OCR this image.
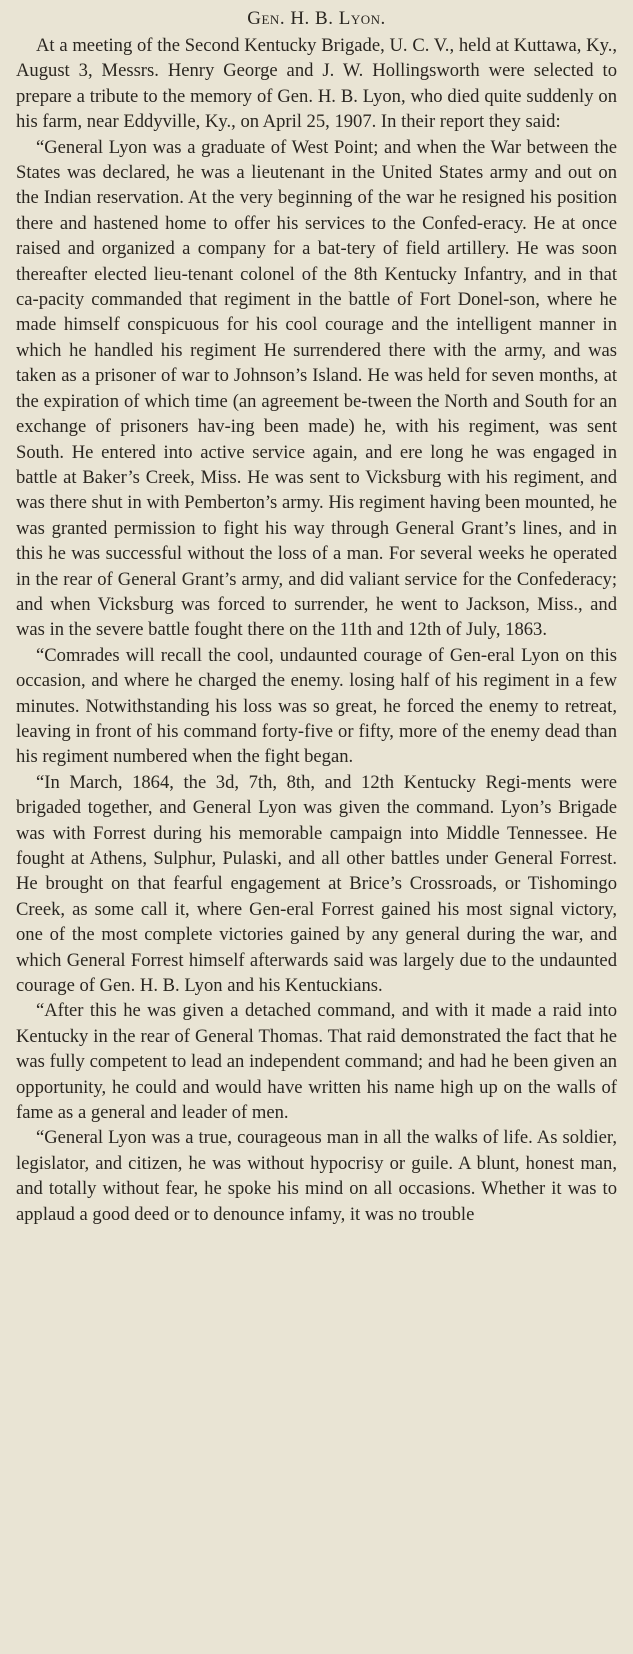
Gen. H. B. Lyon.

At a meeting of the Second Kentucky Brigade, U. C. V., held at Kuttawa, Ky., August 3, Messrs. Henry George and J. W. Hollingsworth were selected to prepare a tribute to the memory of Gen. H. B. Lyon, who died quite suddenly on his farm, near Eddyville, Ky., on April 25, 1907. In their report they said:

“General Lyon was a graduate of West Point; and when the War between the States was declared, he was a lieutenant in the United States army and out on the Indian reservation. At the very beginning of the war he resigned his position there and hastened home to offer his services to the Confed-eracy. He at once raised and organized a company for a bat-tery of field artillery. He was soon thereafter elected lieu-tenant colonel of the 8th Kentucky Infantry, and in that ca-pacity commanded that regiment in the battle of Fort Donel-son, where he made himself conspicuous for his cool courage and the intelligent manner in which he handled his regiment He surrendered there with the army, and was taken as a prisoner of war to Johnson’s Island. He was held for seven months, at the expiration of which time (an agreement be-tween the North and South for an exchange of prisoners hav-ing been made) he, with his regiment, was sent South. He entered into active service again, and ere long he was engaged in battle at Baker’s Creek, Miss. He was sent to Vicksburg with his regiment, and was there shut in with Pemberton’s army. His regiment having been mounted, he was granted permission to fight his way through General Grant’s lines, and in this he was successful without the loss of a man. For several weeks he operated in the rear of General Grant’s army, and did valiant service for the Confederacy; and when Vicksburg was forced to surrender, he went to Jackson, Miss., and was in the severe battle fought there on the 11th and 12th of July, 1863.

“Comrades will recall the cool, undaunted courage of Gen-eral Lyon on this occasion, and where he charged the enemy. losing half of his regiment in a few minutes. Notwithstanding his loss was so great, he forced the enemy to retreat, leaving in front of his command forty-five or fifty, more of the enemy dead than his regiment numbered when the fight began.

“In March, 1864, the 3d, 7th, 8th, and 12th Kentucky Regi-ments were brigaded together, and General Lyon was given the command. Lyon’s Brigade was with Forrest during his memorable campaign into Middle Tennessee. He fought at Athens, Sulphur, Pulaski, and all other battles under General Forrest. He brought on that fearful engagement at Brice’s Crossroads, or Tishomingo Creek, as some call it, where Gen-eral Forrest gained his most signal victory, one of the most complete victories gained by any general during the war, and which General Forrest himself afterwards said was largely due to the undaunted courage of Gen. H. B. Lyon and his Kentuckians.

“After this he was given a detached command, and with it made a raid into Kentucky in the rear of General Thomas. That raid demonstrated the fact that he was fully competent to lead an independent command; and had he been given an opportunity, he could and would have written his name high up on the walls of fame as a general and leader of men.

“General Lyon was a true, courageous man in all the walks of life. As soldier, legislator, and citizen, he was without hypocrisy or guile. A blunt, honest man, and totally without fear, he spoke his mind on all occasions. Whether it was to applaud a good deed or to denounce infamy, it was no trouble
